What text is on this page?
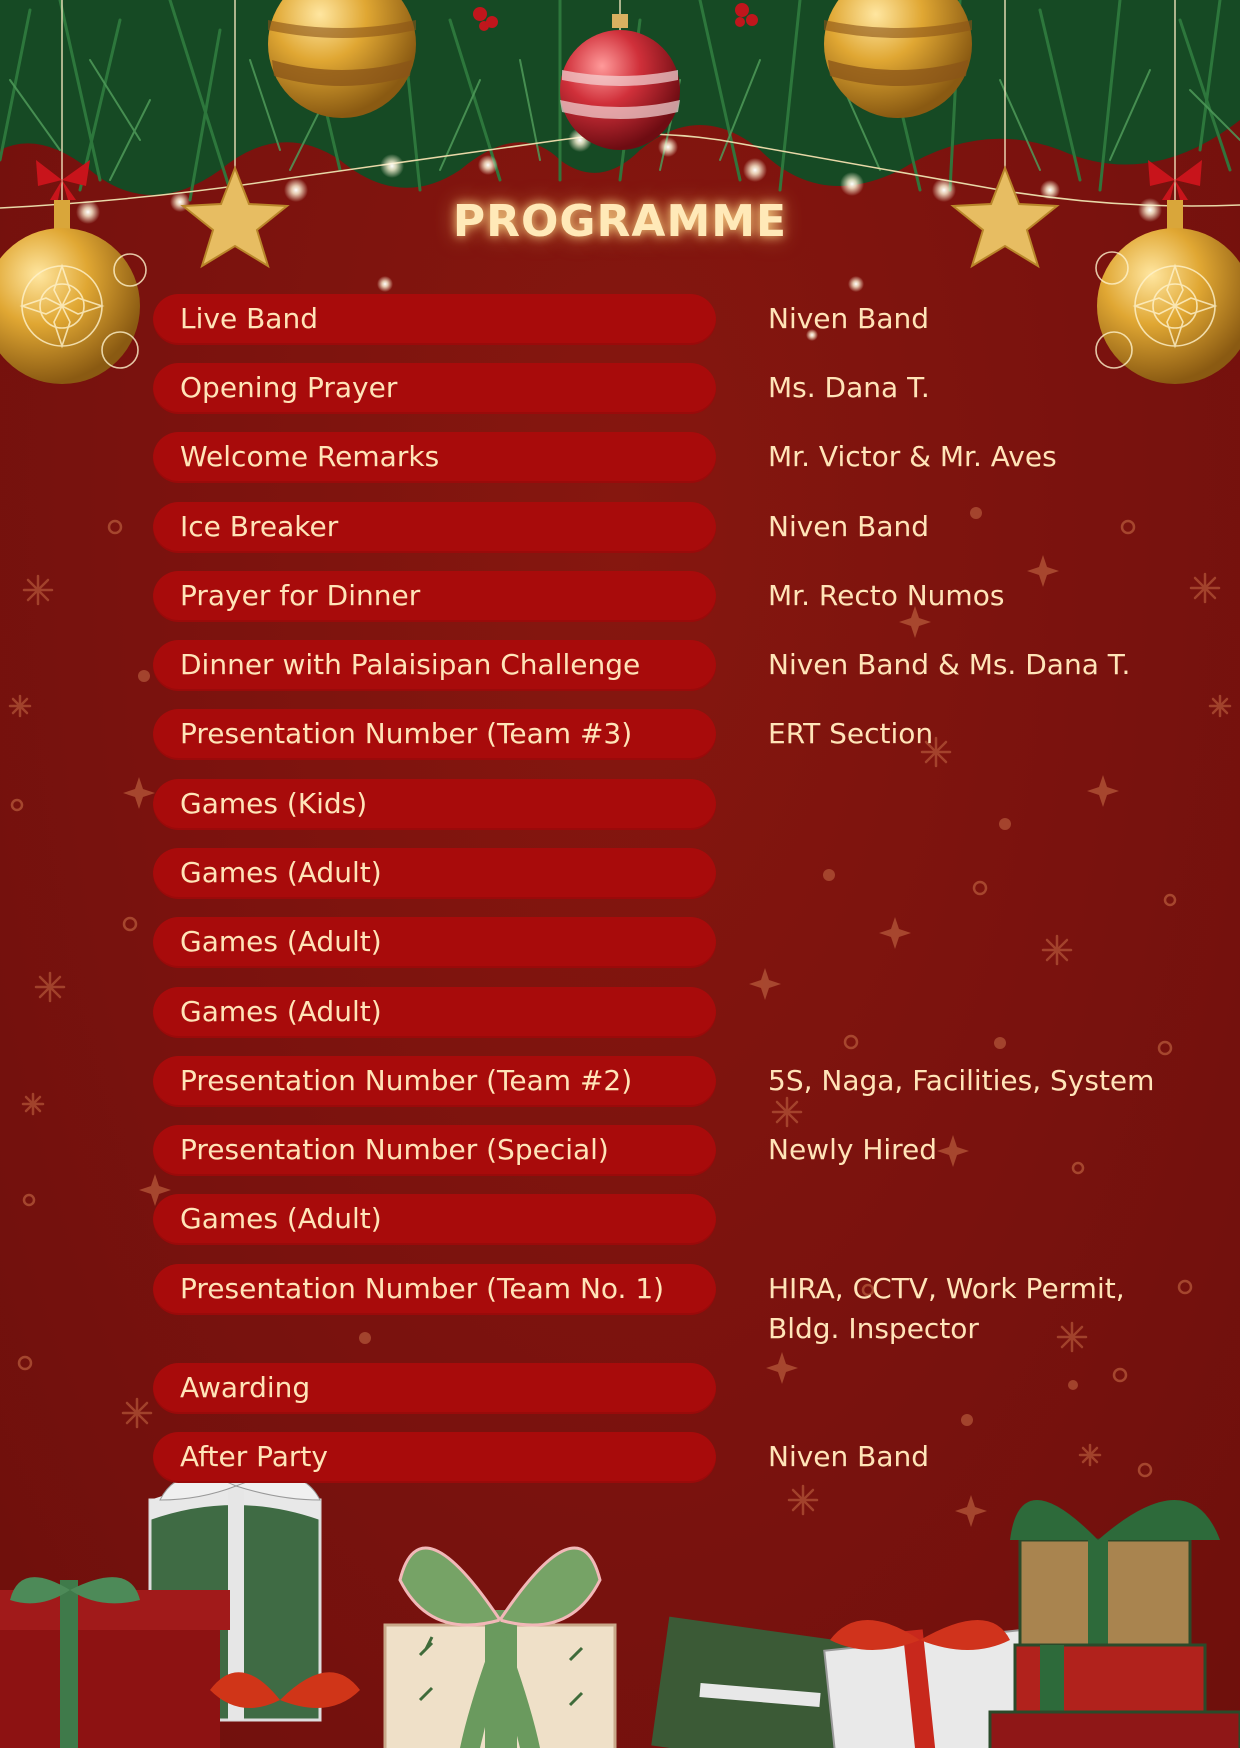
PROGRAMME
Live Band	Niven Band
Opening Prayer	Ms. Dana T.
Welcome Remarks	Mr. Victor & Mr. Aves
Ice Breaker	Niven Band
Prayer for Dinner	Mr. Recto Numos
Dinner with Palaisipan Challenge	Niven Band & Ms. Dana T.
Presentation Number (Team #3)	ERT Section
Games (Kids)
Games (Adult)
Games (Adult)
Games (Adult)
Presentation Number (Team #2)	5S, Naga, Facilities, System
Presentation Number (Special)	Newly Hired
Games (Adult)
Presentation Number (Team No. 1)	HIRA, CCTV, Work Permit, Bldg. Inspector
Awarding
After Party	Niven Band
